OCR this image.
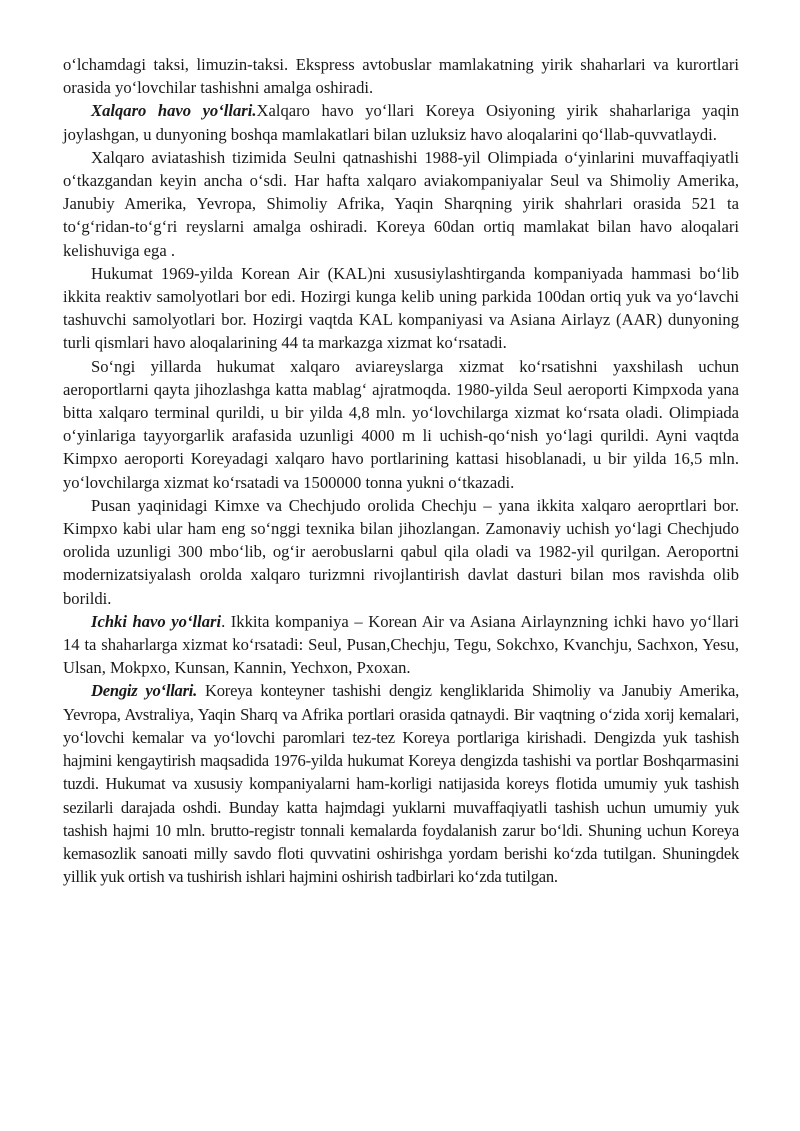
o‘lchamdagi taksi, limuzin-taksi. Ekspress avtobuslar mamlakatning yirik shaharlari va kurortlari orasida yo‘lovchilar tashishni amalga oshiradi.

Xalqaro havo yo‘llari.Xalqaro havo yo‘llari Koreya Osiyoning yirik shaharlariga yaqin joylashgan, u dunyoning boshqa mamlakatlari bilan uzluksiz havo aloqalarini qo‘llab-quvvatlaydi.

Xalqaro aviatashish tizimida Seulni qatnashishi 1988-yil Olimpiada o‘yinlarini muvaffaqiyatli o‘tkazgandan keyin ancha o‘sdi. Har hafta xalqaro aviakompaniyalar Seul va Shimoliy Amerika, Janubiy Amerika, Yevropa, Shimoliy Afrika, Yaqin Sharqning yirik shahrlari orasida 521 ta to‘g‘ridan-to‘g‘ri reyslarni amalga oshiradi. Koreya 60dan ortiq mamlakat bilan havo aloqalari kelishuviga ega .

Hukumat 1969-yilda Korean Air (KAL)ni xususiylashtirganda kompaniyada hammasi bo‘lib ikkita reaktiv samolyotlari bor edi. Hozirgi kunga kelib uning parkida 100dan ortiq yuk va yo‘lavchi tashuvchi samolyotlari bor. Hozirgi vaqtda KAL kompaniyasi va Asiana Airlayz (AAR) dunyoning turli qismlari havo aloqalarining 44 ta markazga xizmat ko‘rsatadi.

So‘ngi yillarda hukumat xalqaro aviareyslarga xizmat ko‘rsatishni yaxshilash uchun aeroportlarni qayta jihozlashga katta mablag‘ ajratmoqda. 1980-yilda Seul aeroporti Kimpxoda yana bitta xalqaro terminal qurildi, u bir yilda 4,8 mln. yo‘lovchilarga xizmat ko‘rsata oladi. Olimpiada o‘yinlariga tayyorgarlik arafasida uzunligi 4000 m li uchish-qo‘nish yo‘lagi qurildi. Ayni vaqtda Kimpxo aeroporti Koreyadagi xalqaro havo portlarining kattasi hisoblanadi, u bir yilda 16,5 mln. yo‘lovchilarga xizmat ko‘rsatadi va 1500000 tonna yukni o‘tkazadi.

Pusan yaqinidagi Kimxe va Chechjudo orolida Chechju – yana ikkita xalqaro aeroprtlari bor. Kimpxo kabi ular ham eng so‘nggi texnika bilan jihozlangan. Zamonaviy uchish yo‘lagi Chechjudo orolida uzunligi 300 mbo‘lib, og‘ir aerobuslarni qabul qila oladi va 1982-yil qurilgan. Aeroportni modernizatsiyalash orolda xalqaro turizmni rivojlantirish davlat dasturi bilan mos ravishda olib borildi.

Ichki havo yo‘llari. Ikkita kompaniya – Korean Air va Asiana Airlaynzning ichki havo yo‘llari 14 ta shaharlarga xizmat ko‘rsatadi: Seul, Pusan,Chechju, Tegu, Sokchxo, Kvanchju, Sachxon, Yesu, Ulsan, Mokpxo, Kunsan, Kannin, Yechxon, Pxoxan.

Dengiz yo‘llari. Koreya konteyner tashishi dengiz kengliklarida Shimoliy va Janubiy Amerika, Yevropa, Avstraliya, Yaqin Sharq va Afrika portlari orasida qatnaydi. Bir vaqtning o‘zida xorij kemalari, yo‘lovchi kemalar va yo‘lovchi paromlari tez-tez Koreya portlariga kirishadi. Dengizda yuk tashish hajmini kengaytirish maqsadida 1976-yilda hukumat Koreya dengizda tashishi va portlar Boshqarmasini tuzdi. Hukumat va xususiy kompaniyalarni ham-korligi natijasida koreys flotida umumiy yuk tashish sezilarli darajada oshdi. Bunday katta hajmdagi yuklarni muvaffaqiyatli tashish uchun umumiy yuk tashish hajmi 10 mln. brutto-registr tonnali kemalarda foydalanish zarur bo‘ldi. Shuning uchun Koreya kemasozlik sanoati milly savdo floti quvvatini oshirishga yordam berishi ko‘zda tutilgan. Shuningdek yillik yuk ortish va tushirish ishlari hajmini oshirish tadbirlari ko‘zda tutilgan.
